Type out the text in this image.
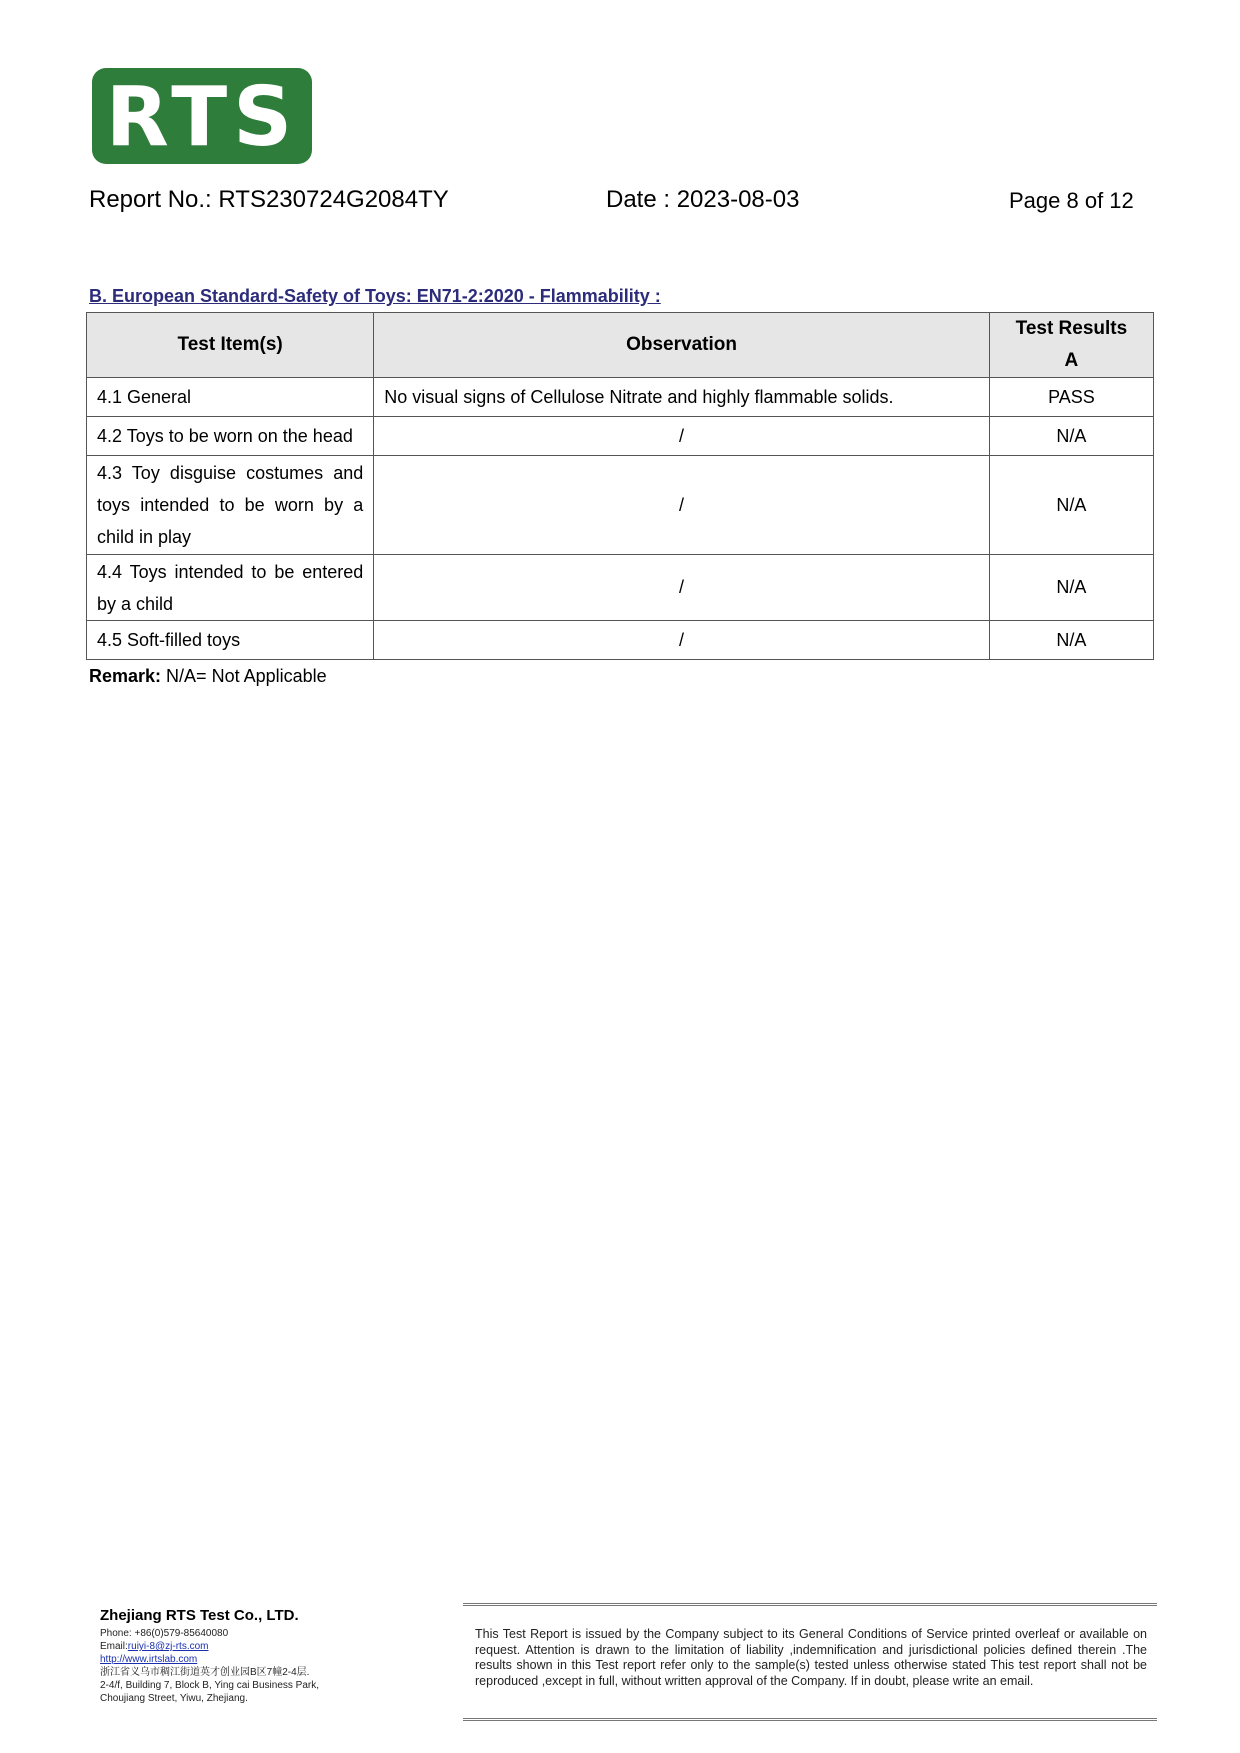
RTS
Report No.: RTS230724G2084TY	Date : 2023-08-03	Page 8 of 12
B. European Standard-Safety of Toys: EN71-2:2020 - Flammability :
Test Item(s)	Observation	Test Results
A

4.1 General	No visual signs of Cellulose Nitrate and highly flammable solids.	PASS
4.2 Toys to be worn on the head	/	N/A
4.3 Toy disguise costumes and toys intended to be worn by a child in play	/	N/A
4.4 Toys intended to be entered by a child	/	N/A
4.5 Soft-filled toys	/	N/A
Remark: N/A= Not Applicable
Zhejiang RTS Test Co., LTD.
Phone: +86(0)579-85640080
Email:ruiyi-8@zj-rts.com
http://www.irtslab.com
浙江省义乌市稠江街道英才创业园B区7幢2-4层.
2-4/f, Building 7, Block B, Ying cai Business Park,
Choujiang Street, Yiwu, Zhejiang.
This Test Report is issued by the Company subject to its General Conditions of Service printed overleaf or available on request. Attention is drawn to the limitation of liability ,indemnification and jurisdictional policies defined therein .The results shown in this Test report refer only to the sample(s) tested unless otherwise stated This test report shall not be reproduced ,except in full, without written approval of the Company. If in doubt, please write an email.
